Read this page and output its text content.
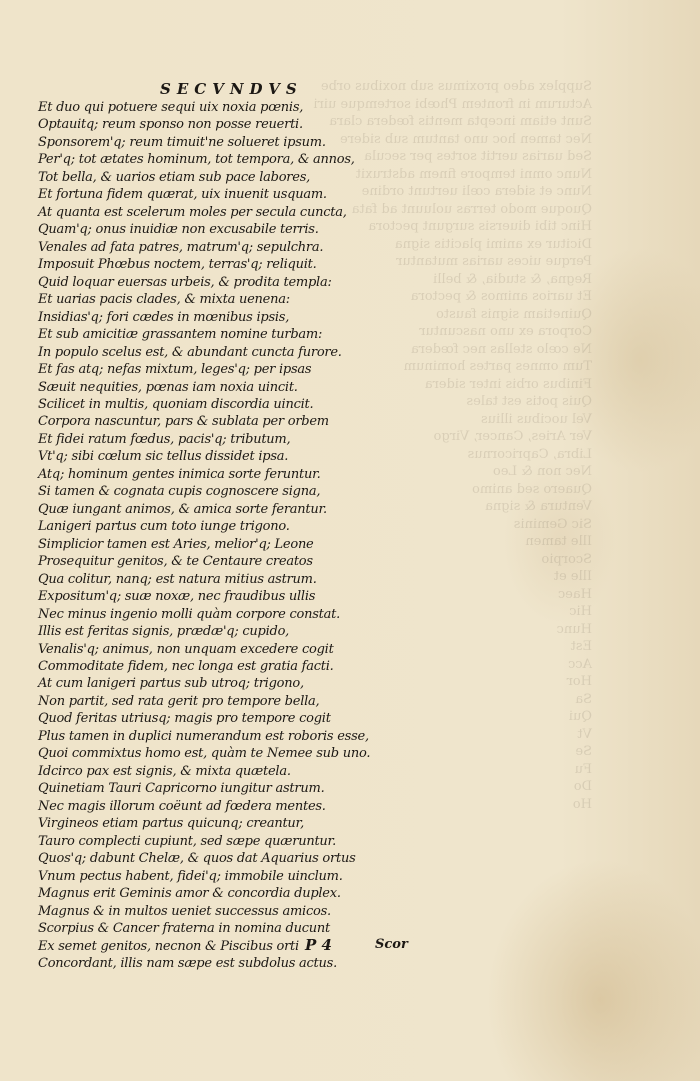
Supplex adeo proximus sub noxibus orbe
Acturum in frontem Phœbi sortemque uiri
Sunt etiam incepta mentis fœdera clara
Nec tamen hoc uno tantum sub sidere
Sed uarias uertit sortes per secula
Nunc omni tempore finem adstruxit
Nunc et sidera cœli uertunt ordine
Quoque modo terras uoluunt ad fata
Hinc tibi diuersis surgunt pectora
Dicitur ex animi placitis signa
Perque uices uarias mutantur
Regna, & studia, & belli
Et uarios animos & pectora
Quinetiam signis fausto
Corpora ex uno nascuntur
Ne cœlo stellas nec fœdera
Tum omnes partes hominum
Finibus orbis inter sidera
Quis potis est tales
Vel uocibus illius
Ver Aries, Cancer, Virgo
Libra, Capricornus
Nec non & Leo
Quaero sed animo
Ventura & signa
Sic Geminis
Ille tamen
Scorpio
Ille et
Haec
Hic
Hunc
Est
Acc
Hor
Sa
Qui
Vt
Se
Fu
Do
Ho
SECVNDVS
Et duo qui potuere sequi uix noxia pœnis,
Optauitq; reum sponso non posse reuerti.
Sponsorem'q; reum timuit'ne solueret ipsum.
Per'q; tot ætates hominum, tot tempora, & annos,
Tot bella, & uarios etiam sub pace labores,
Et fortuna fidem quærat, uix inuenit usquam.
At quanta est scelerum moles per secula cuncta,
Quam'q; onus inuidiæ non excusabile terris.
Venales ad fata patres, matrum'q; sepulchra.
Imposuit Phœbus noctem, terras'q; reliquit.
Quid loquar euersas urbeis, & prodita templa:
Et uarias pacis clades, & mixta uenena:
Insidias'q; fori cædes in mœnibus ipsis,
Et sub amicitiæ grassantem nomine turbam:
In populo scelus est, & abundant cuncta furore.
Et fas atq; nefas mixtum, leges'q; per ipsas
Sæuit nequities, pœnas iam noxia uincit.
Scilicet in multis, quoniam discordia uincit.
Corpora nascuntur, pars & sublata per orbem
Et fidei ratum fœdus, pacis'q; tributum,
Vt'q; sibi cœlum sic tellus dissidet ipsa.
Atq; hominum gentes inimica sorte feruntur.
Si tamen & cognata cupis cognoscere signa,
Quæ iungant animos, & amica sorte ferantur.
Lanigeri partus cum toto iunge trigono.
Simplicior tamen est Aries, melior'q; Leone
Prosequitur genitos, & te Centaure creatos
Qua colitur, nanq; est natura mitius astrum.
Expositum'q; suæ noxæ, nec fraudibus ullis
Nec minus ingenio molli quàm corpore constat.
Illis est feritas signis, prædæ'q; cupido,
Venalis'q; animus, non unquam excedere cogit
Commoditate fidem, nec longa est gratia facti.
At cum lanigeri partus sub utroq; trigono,
Non partit, sed rata gerit pro tempore bella,
Quod feritas utriusq; magis pro tempore cogit
Plus tamen in duplici numerandum est roboris esse,
Quoi commixtus homo est, quàm te Nemee sub uno.
Idcirco pax est signis, & mixta quætela.
Quinetiam Tauri Capricorno iungitur astrum.
Nec magis illorum coëunt ad fœdera mentes.
Virgineos etiam partus quicunq; creantur,
Tauro complecti cupiunt, sed sæpe quæruntur.
Quos'q; dabunt Chelæ, & quos dat Aquarius ortus
Vnum pectus habent, fidei'q; immobile uinclum.
Magnus erit Geminis amor & concordia duplex.
Magnus & in multos ueniet successus amicos.
Scorpius & Cancer fraterna in nomina ducunt
Ex semet genitos, necnon & Piscibus orti
Concordant, illis nam sæpe est subdolus actus.
P 4	Scor
